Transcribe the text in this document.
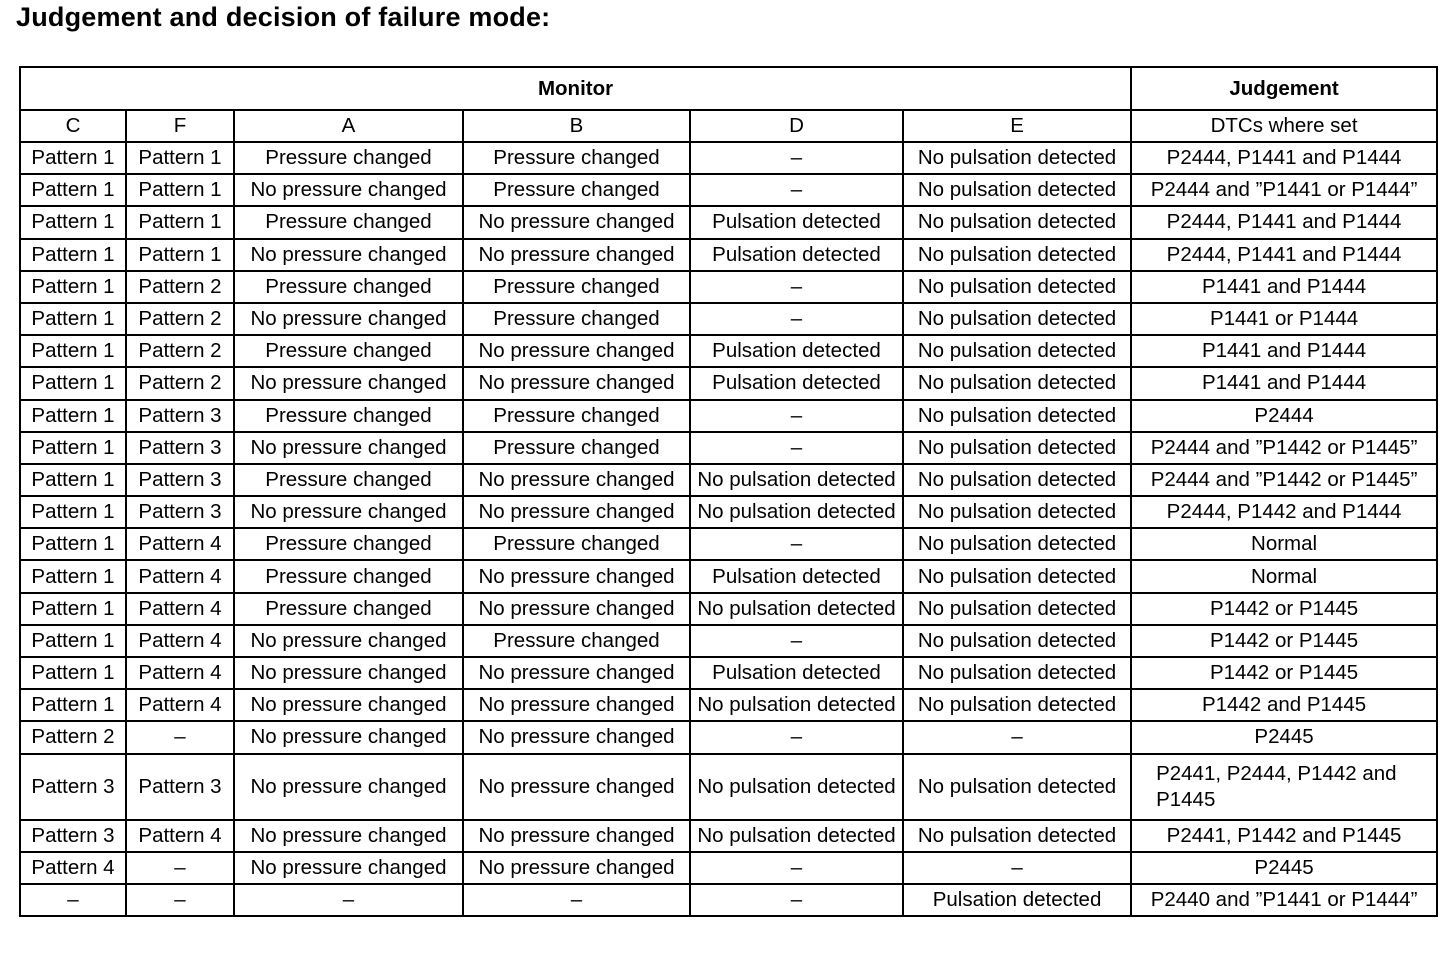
Judgement and decision of failure mode:
Monitor						Judgement
C	F	A	B	D	E	DTCs where set
Pattern 1	Pattern 1	Pressure changed	Pressure changed	–	No pulsation detected	P2444, P1441 and P1444
Pattern 1	Pattern 1	No pressure changed	Pressure changed	–	No pulsation detected	P2444 and ”P1441 or P1444”
Pattern 1	Pattern 1	Pressure changed	No pressure changed	Pulsation detected	No pulsation detected	P2444, P1441 and P1444
Pattern 1	Pattern 1	No pressure changed	No pressure changed	Pulsation detected	No pulsation detected	P2444, P1441 and P1444
Pattern 1	Pattern 2	Pressure changed	Pressure changed	–	No pulsation detected	P1441 and P1444
Pattern 1	Pattern 2	No pressure changed	Pressure changed	–	No pulsation detected	P1441 or P1444
Pattern 1	Pattern 2	Pressure changed	No pressure changed	Pulsation detected	No pulsation detected	P1441 and P1444
Pattern 1	Pattern 2	No pressure changed	No pressure changed	Pulsation detected	No pulsation detected	P1441 and P1444
Pattern 1	Pattern 3	Pressure changed	Pressure changed	–	No pulsation detected	P2444
Pattern 1	Pattern 3	No pressure changed	Pressure changed	–	No pulsation detected	P2444 and ”P1442 or P1445”
Pattern 1	Pattern 3	Pressure changed	No pressure changed	No pulsation detected	No pulsation detected	P2444 and ”P1442 or P1445”
Pattern 1	Pattern 3	No pressure changed	No pressure changed	No pulsation detected	No pulsation detected	P2444, P1442 and P1444
Pattern 1	Pattern 4	Pressure changed	Pressure changed	–	No pulsation detected	Normal
Pattern 1	Pattern 4	Pressure changed	No pressure changed	Pulsation detected	No pulsation detected	Normal
Pattern 1	Pattern 4	Pressure changed	No pressure changed	No pulsation detected	No pulsation detected	P1442 or P1445
Pattern 1	Pattern 4	No pressure changed	Pressure changed	–	No pulsation detected	P1442 or P1445
Pattern 1	Pattern 4	No pressure changed	No pressure changed	Pulsation detected	No pulsation detected	P1442 or P1445
Pattern 1	Pattern 4	No pressure changed	No pressure changed	No pulsation detected	No pulsation detected	P1442 and P1445
Pattern 2	–	No pressure changed	No pressure changed	–	–	P2445
Pattern 3	Pattern 3	No pressure changed	No pressure changed	No pulsation detected	No pulsation detected	P2441, P2444, P1442 and P1445
Pattern 3	Pattern 4	No pressure changed	No pressure changed	No pulsation detected	No pulsation detected	P2441, P1442 and P1445
Pattern 4	–	No pressure changed	No pressure changed	–	–	P2445
–	–	–	–	–	Pulsation detected	P2440 and ”P1441 or P1444”
